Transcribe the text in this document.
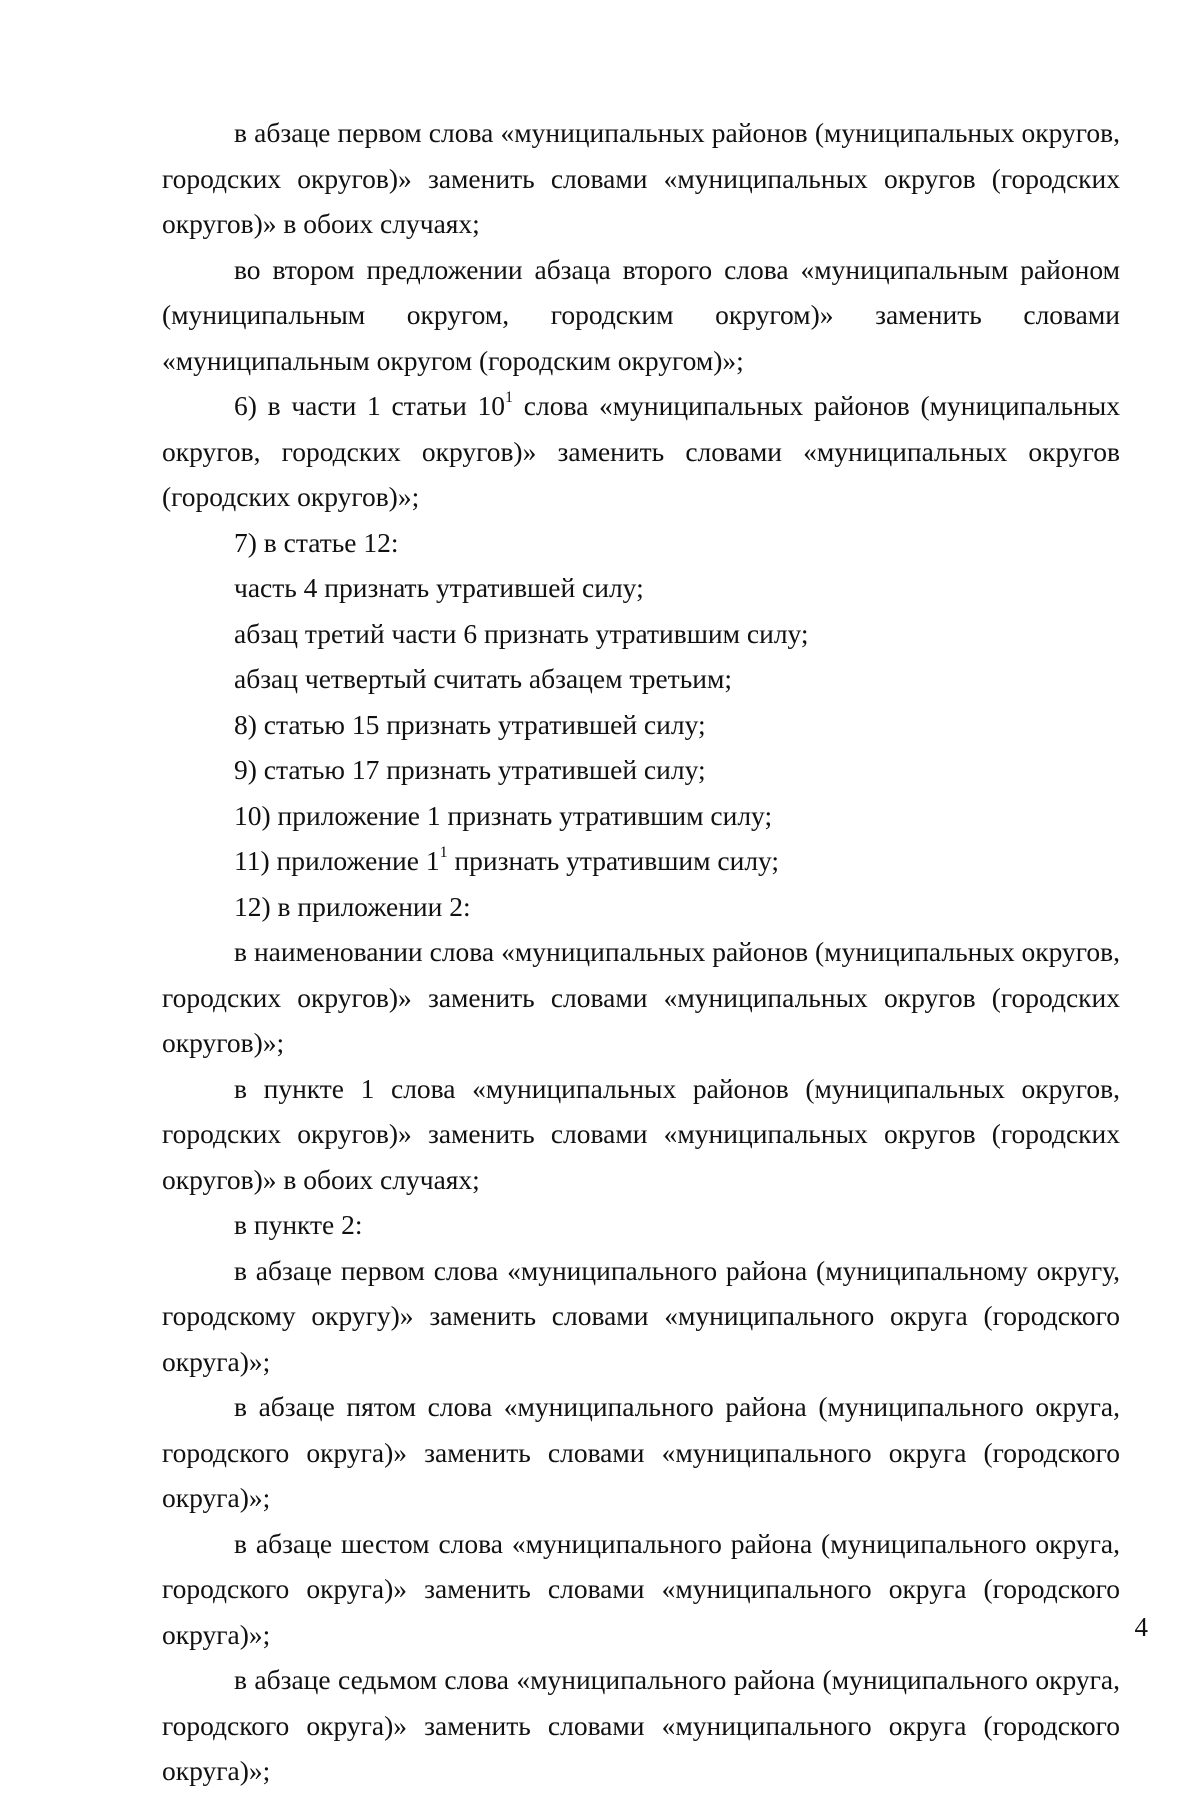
в абзаце первом слова «муниципальных районов (муниципальных округов, городских округов)» заменить словами «муниципальных округов (городских округов)» в обоих случаях;

во втором предложении абзаца второго слова «муниципальным районом (муниципальным округом, городским округом)» заменить словами «муниципальным округом (городским округом)»;

6) в части 1 статьи $10^1$ слова «муниципальных районов (муниципальных округов, городских округов)» заменить словами «муниципальных округов (городских округов)»;

7) в статье 12:

часть 4 признать утратившей силу;

абзац третий части 6 признать утратившим силу;

абзац четвертый считать абзацем третьим;

8) статью 15 признать утратившей силу;

9) статью 17 признать утратившей силу;

10) приложение 1 признать утратившим силу;

11) приложение $1^1$ признать утратившим силу;

12) в приложении 2:

в наименовании слова «муниципальных районов (муниципальных округов, городских округов)» заменить словами «муниципальных округов (городских округов)»;

в пункте 1 слова «муниципальных районов (муниципальных округов, городских округов)» заменить словами «муниципальных округов (городских округов)» в обоих случаях;

в пункте 2:

в абзаце первом слова «муниципального района (муниципальному округу, городскому округу)» заменить словами «муниципального округа (городского округа)»;

в абзаце пятом слова «муниципального района (муниципального округа, городского округа)» заменить словами «муниципального округа (городского округа)»;

в абзаце шестом слова «муниципального района (муниципального округа, городского округа)» заменить словами «муниципального округа (городского округа)»;

в абзаце седьмом слова «муниципального района (муниципального округа, городского округа)» заменить словами «муниципального округа (городского округа)»;

4
